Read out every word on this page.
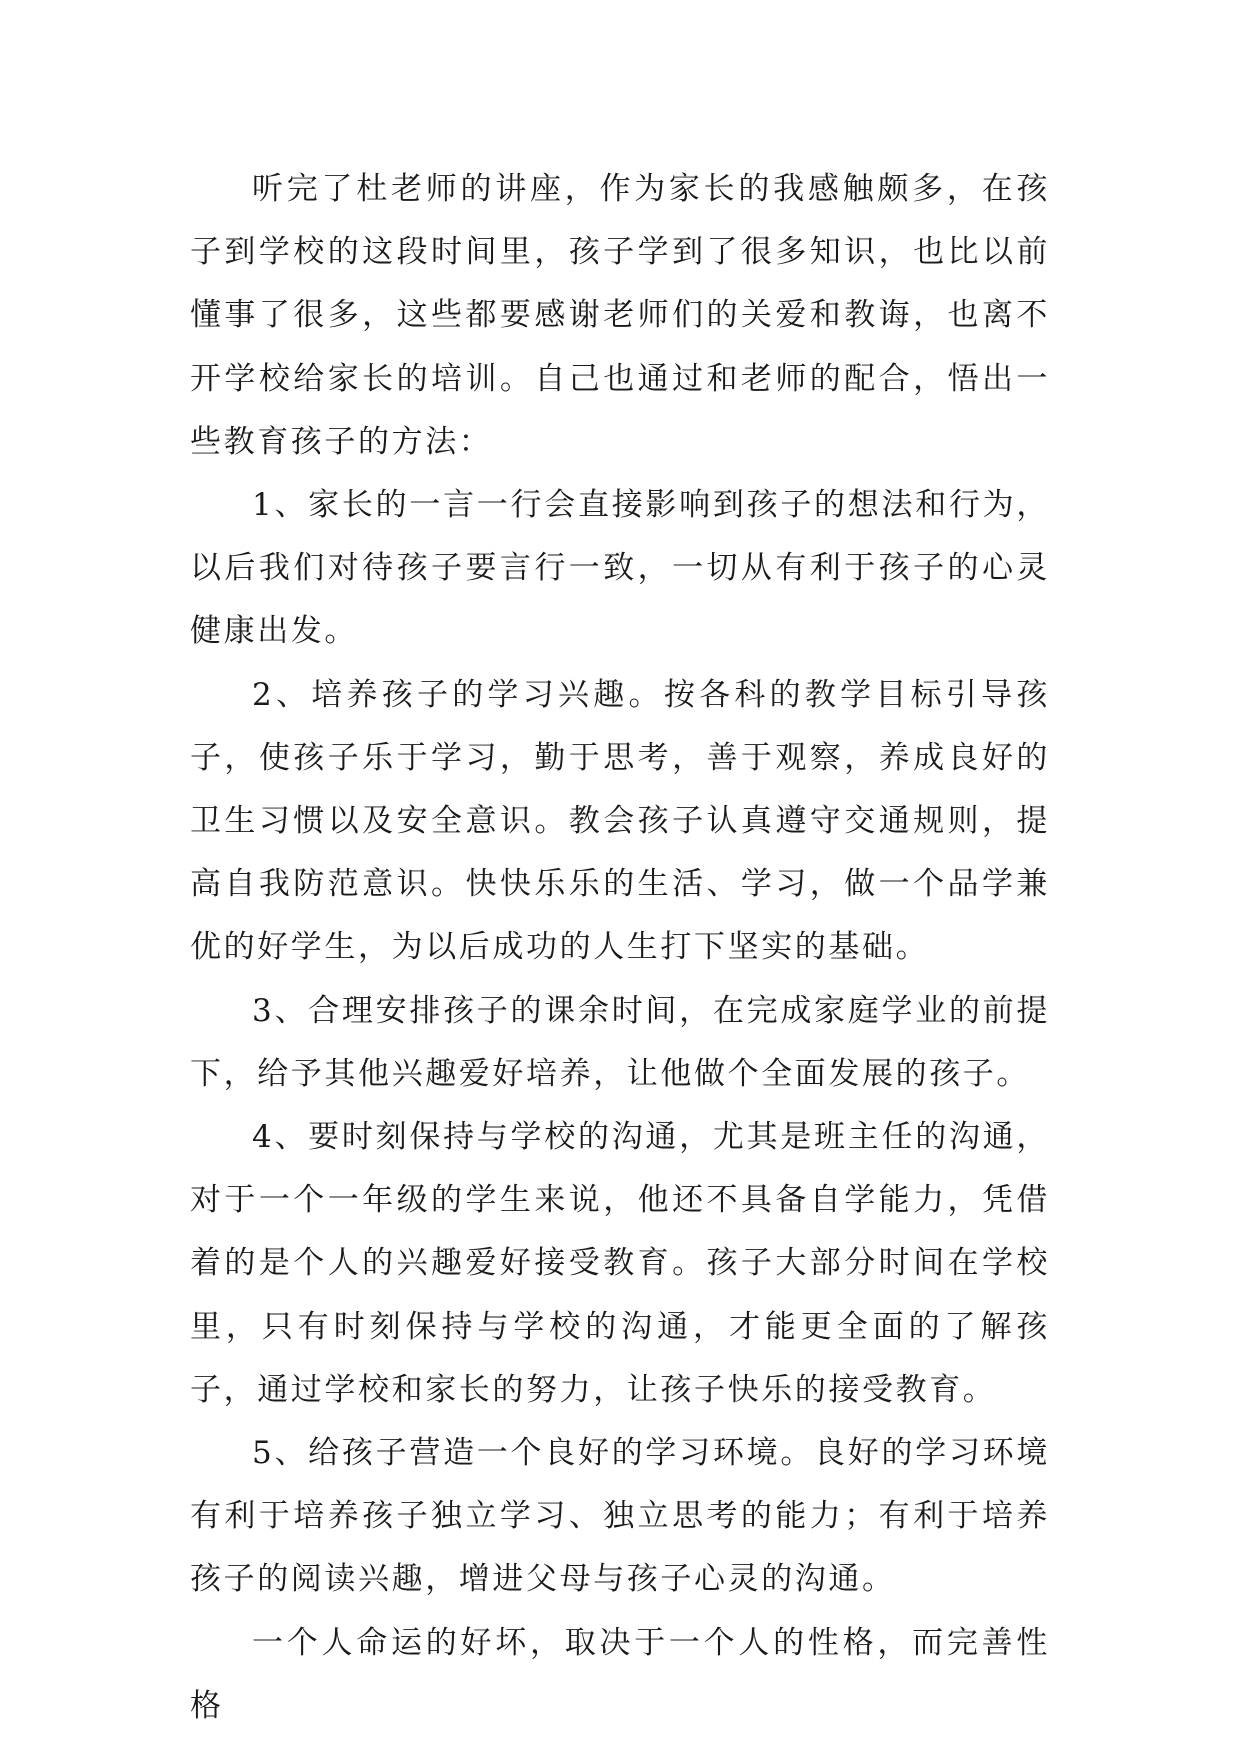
听完了杜老师的讲座，作为家长的我感触颇多，在孩子到学校的这段时间里，孩子学到了很多知识，也比以前懂事了很多，这些都要感谢老师们的关爱和教诲，也离不开学校给家长的培训。自己也通过和老师的配合，悟出一些教育孩子的方法：

1、家长的一言一行会直接影响到孩子的想法和行为，以后我们对待孩子要言行一致，一切从有利于孩子的心灵健康出发。

2、培养孩子的学习兴趣。按各科的教学目标引导孩子，使孩子乐于学习，勤于思考，善于观察，养成良好的卫生习惯以及安全意识。教会孩子认真遵守交通规则，提高自我防范意识。快快乐乐的生活、学习，做一个品学兼优的好学生，为以后成功的人生打下坚实的基础。

3、合理安排孩子的课余时间，在完成家庭学业的前提下，给予其他兴趣爱好培养，让他做个全面发展的孩子。

4、要时刻保持与学校的沟通，尤其是班主任的沟通，对于一个一年级的学生来说，他还不具备自学能力，凭借着的是个人的兴趣爱好接受教育。孩子大部分时间在学校里，只有时刻保持与学校的沟通，才能更全面的了解孩子，通过学校和家长的努力，让孩子快乐的接受教育。

5、给孩子营造一个良好的学习环境。良好的学习环境有利于培养孩子独立学习、独立思考的能力；有利于培养孩子的阅读兴趣，增进父母与孩子心灵的沟通。

一个人命运的好坏，取决于一个人的性格，而完善性格
